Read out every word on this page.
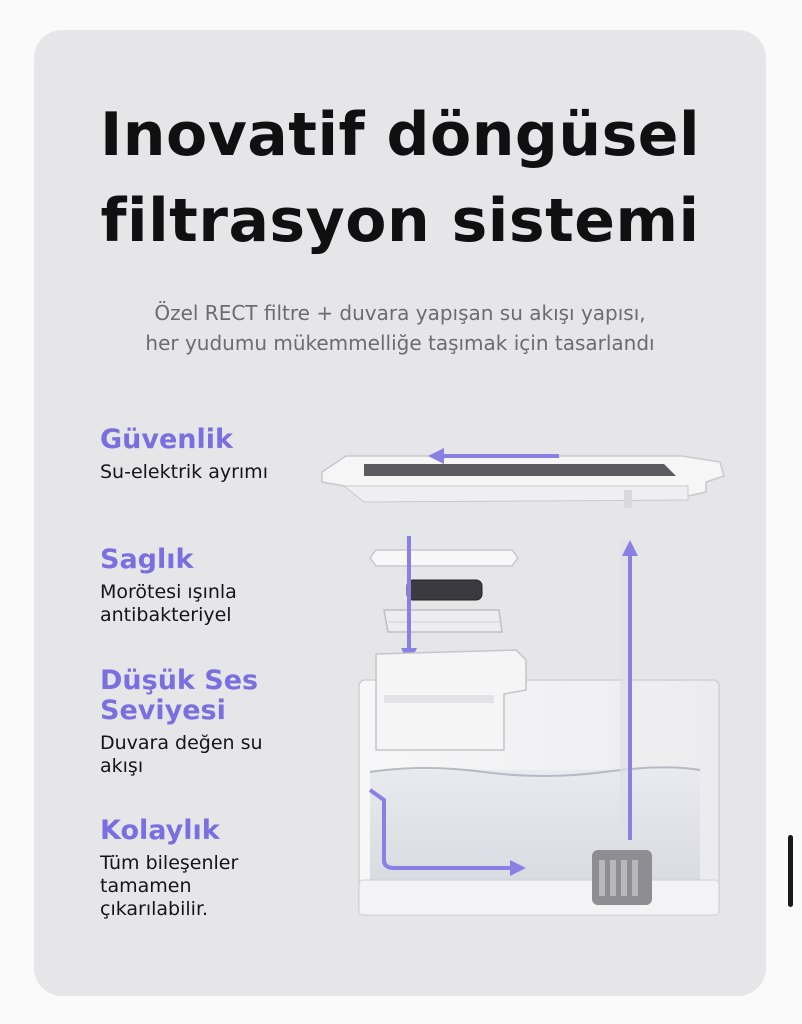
Inovatif döngüsel
filtrasyon sistemi
Özel RECT filtre + duvara yapışan su akışı yapısı,
her yudumu mükemmelliğe taşımak için tasarlandı
Güvenlik
Su-elektrik ayrımı
Saglık
Morötesi ışınla
antibakteriyel
Düşük Ses
Seviyesi
Duvara değen su
akışı
Kolaylık
Tüm bileşenler
tamamen
çıkarılabilir.
